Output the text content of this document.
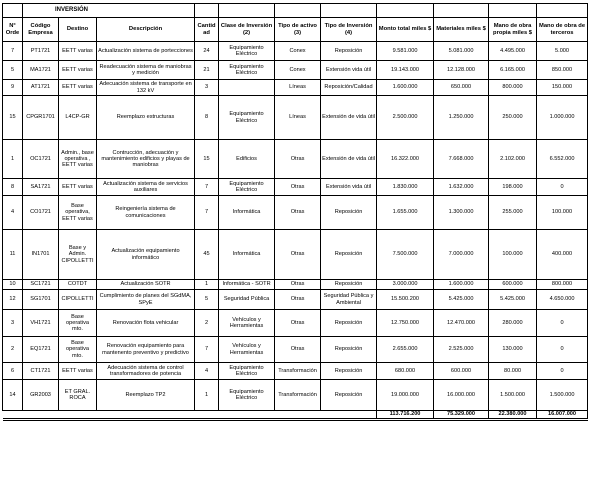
	INVERSIÓN										
N° Orde	Código Empresa	Destino	Descripción	Cantidad	Clase de Inversión (2)	Tipo de activo (3)	Tipo de Inversión (4)	Monto total miles $	Materiales miles $	Mano de obra propia miles $	Mano de obra de terceros
7	PT1721	EETT varias	Actualización sistema de portecciones	24	Equipamiento Eléctrico	Conex	Reposición	9.581.000	5.081.000	4.495.000	5.000
5	MA1721	EETT varias	Readecuación sistema de maniobras y medición	21	Equipamiento Eléctrico	Conex	Extensión vida útil	19.143.000	12.128.000	6.165.000	850.000
9	AT1721	EETT varias	Adecuación sistema de transporte en 132 kV	3		Líneas	Reposición/Calidad	1.600.000	650.000	800.000	150.000
15	CPGR1701	L4CP-GR	Reemplazo estructuras	8	Equipamiento Eléctrico	Líneas	Extensión de vida útil	2.500.000	1.250.000	250.000	1.000.000
1	OC1721	Admin., base operativa , EETT varias	Contrucción, adecuación y mantenimiento edificios y playas de maniobras	15	Edificios	Otras	Extensión de vida útil	16.322.000	7.668.000	2.102.000	6.552.000
8	SA1721	EETT varias	Actualización sistema de servicios auxiliares	7	Equipamiento Eléctrico	Otras	Extensión vida útil	1.830.000	1.632.000	198.000	0
4	CO1721	Base operativa, EETT varias	Reingeniería sistema de comunicaciones	7	Informática	Otras	Reposición	1.655.000	1.300.000	255.000	100.000
11	IN1701	Base y Admin. CIPOLLETTI	Actualización equipamiento informático	45	Informática	Otras	Reposición	7.500.000	7.000.000	100.000	400.000
10	SC1721	COTDT	Actualización SOTR	1	Informática - SOTR	Otras	Reposición	3.000.000	1.600.000	600.000	800.000
12	SG1701	CIPOLLETTI	Cumplimiento de planes del SGdMA, SPyE	5	Seguridad Pública	Otras	Seguridad Pública y Ambiental	15.500.200	5.425.000	5.425.000	4.650.000
3	VH1721	Base operativa mto.	Renovación flota vehicular	2	Vehículos y Herramientas	Otras	Reposición	12.750.000	12.470.000	280.000	0
2	EQ1721	Base operativa mto.	Renovación equipamiento para mantenento preventivo y predictivo	7	Vehículos y Herramientas	Otras	Reposición	2.655.000	2.525.000	130.000	0
6	CT1721	EETT varias	Adecuación sistema de control transformadores de potencia	4	Equipamiento Eléctrico	Transformación	Reposición	680.000	600.000	80.000	0
14	GR2003	ET GRAL. ROCA	Reemplazo TP2	1	Equipamiento Eléctrico	Transformación	Reposición	19.000.000	16.000.000	1.500.000	1.500.000
								113.716.200	75.329.000	22.380.000	16.007.000
